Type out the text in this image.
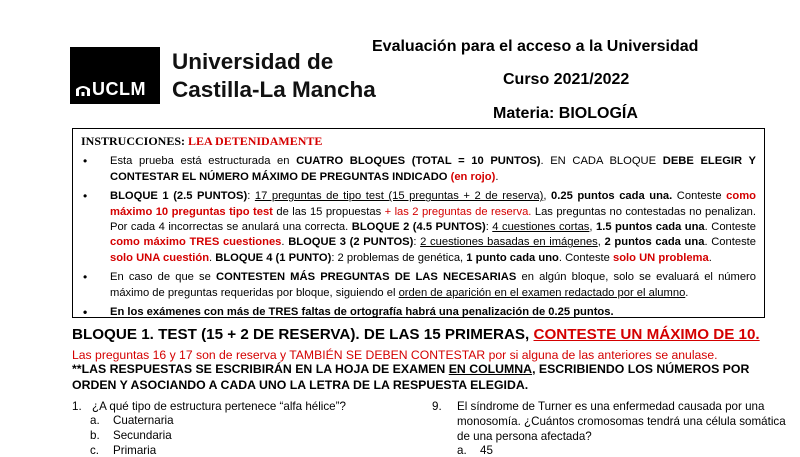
UCLM
Universidad de
Castilla-La Mancha
Evaluación para el acceso a la Universidad
Curso 2021/2022
Materia: BIOLOGÍA
INSTRUCCIONES: LEA DETENIDAMENTE
• Esta prueba está estructurada en CUATRO BLOQUES (TOTAL = 10 PUNTOS). EN CADA BLOQUE DEBE ELEGIR Y CONTESTAR EL NÚMERO MÁXIMO DE PREGUNTAS INDICADO (en rojo).
• BLOQUE 1 (2.5 PUNTOS): 17 preguntas de tipo test (15 preguntas + 2 de reserva), 0.25 puntos cada una. Conteste como máximo 10 preguntas tipo test de las 15 propuestas + las 2 preguntas de reserva. Las preguntas no contestadas no penalizan. Por cada 4 incorrectas se anulará una correcta. BLOQUE 2 (4.5 PUNTOS): 4 cuestiones cortas, 1.5 puntos cada una. Conteste como máximo TRES cuestiones. BLOQUE 3 (2 PUNTOS): 2 cuestiones basadas en imágenes, 2 puntos cada una. Conteste solo UNA cuestión. BLOQUE 4 (1 PUNTO): 2 problemas de genética, 1 punto cada uno. Conteste solo UN problema.
• En caso de que se CONTESTEN MÁS PREGUNTAS DE LAS NECESARIAS en algún bloque, solo se evaluará el número máximo de preguntas requeridas por bloque, siguiendo el orden de aparición en el examen redactado por el alumno.
• En los exámenes con más de TRES faltas de ortografía habrá una penalización de 0.25 puntos.
BLOQUE 1. TEST (15 + 2 DE RESERVA). DE LAS 15 PRIMERAS, CONTESTE UN MÁXIMO DE 10. Las preguntas 16 y 17 son de reserva y TAMBIÉN SE DEBEN CONTESTAR por si alguna de las anteriores se anulase.
**LAS RESPUESTAS SE ESCRIBIRÁN EN LA HOJA DE EXAMEN EN COLUMNA, ESCRIBIENDO LOS NÚMEROS POR ORDEN Y ASOCIANDO A CADA UNO LA LETRA DE LA RESPUESTA ELEGIDA.
1. ¿A qué tipo de estructura pertenece “alfa hélice”?
a. Cuaternaria
b. Secundaria
c. Primaria
9. El síndrome de Turner es una enfermedad causada por una
monosomía. ¿Cuántos cromosomas tendrá una célula somática
de una persona afectada?
a. 45
